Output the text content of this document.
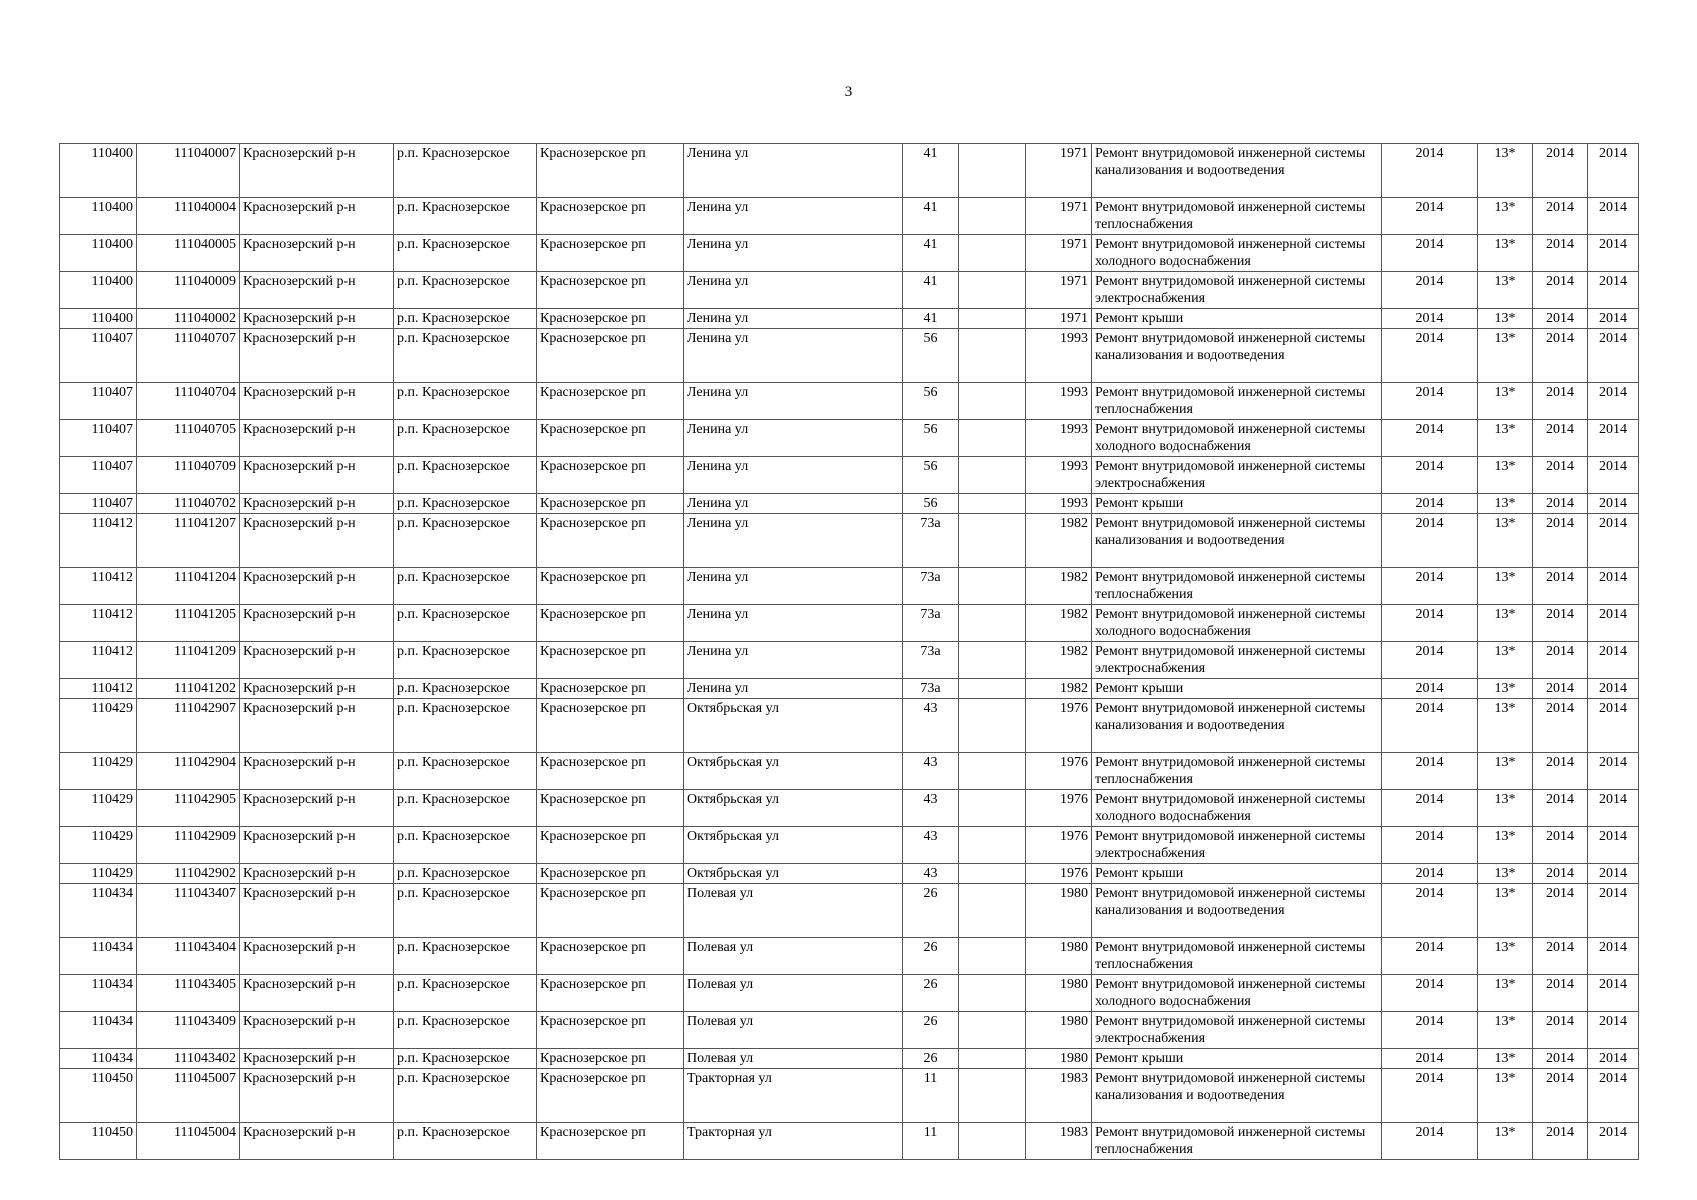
3
110400	111040007	Краснозерский р-н	р.п. Краснозерское	Краснозерское рп	Ленина ул	41		1971	Ремонт внутридомовой инженерной системы канализования и водоотведения	2014	13*	2014	2014
110400	111040004	Краснозерский р-н	р.п. Краснозерское	Краснозерское рп	Ленина ул	41		1971	Ремонт внутридомовой инженерной системы теплоснабжения	2014	13*	2014	2014
110400	111040005	Краснозерский р-н	р.п. Краснозерское	Краснозерское рп	Ленина ул	41		1971	Ремонт внутридомовой инженерной системы холодного водоснабжения	2014	13*	2014	2014
110400	111040009	Краснозерский р-н	р.п. Краснозерское	Краснозерское рп	Ленина ул	41		1971	Ремонт внутридомовой инженерной системы электроснабжения	2014	13*	2014	2014
110400	111040002	Краснозерский р-н	р.п. Краснозерское	Краснозерское рп	Ленина ул	41		1971	Ремонт крыши	2014	13*	2014	2014
110407	111040707	Краснозерский р-н	р.п. Краснозерское	Краснозерское рп	Ленина ул	56		1993	Ремонт внутридомовой инженерной системы канализования и водоотведения	2014	13*	2014	2014
110407	111040704	Краснозерский р-н	р.п. Краснозерское	Краснозерское рп	Ленина ул	56		1993	Ремонт внутридомовой инженерной системы теплоснабжения	2014	13*	2014	2014
110407	111040705	Краснозерский р-н	р.п. Краснозерское	Краснозерское рп	Ленина ул	56		1993	Ремонт внутридомовой инженерной системы холодного водоснабжения	2014	13*	2014	2014
110407	111040709	Краснозерский р-н	р.п. Краснозерское	Краснозерское рп	Ленина ул	56		1993	Ремонт внутридомовой инженерной системы электроснабжения	2014	13*	2014	2014
110407	111040702	Краснозерский р-н	р.п. Краснозерское	Краснозерское рп	Ленина ул	56		1993	Ремонт крыши	2014	13*	2014	2014
110412	111041207	Краснозерский р-н	р.п. Краснозерское	Краснозерское рп	Ленина ул	73а		1982	Ремонт внутридомовой инженерной системы канализования и водоотведения	2014	13*	2014	2014
110412	111041204	Краснозерский р-н	р.п. Краснозерское	Краснозерское рп	Ленина ул	73а		1982	Ремонт внутридомовой инженерной системы теплоснабжения	2014	13*	2014	2014
110412	111041205	Краснозерский р-н	р.п. Краснозерское	Краснозерское рп	Ленина ул	73а		1982	Ремонт внутридомовой инженерной системы холодного водоснабжения	2014	13*	2014	2014
110412	111041209	Краснозерский р-н	р.п. Краснозерское	Краснозерское рп	Ленина ул	73а		1982	Ремонт внутридомовой инженерной системы электроснабжения	2014	13*	2014	2014
110412	111041202	Краснозерский р-н	р.п. Краснозерское	Краснозерское рп	Ленина ул	73а		1982	Ремонт крыши	2014	13*	2014	2014
110429	111042907	Краснозерский р-н	р.п. Краснозерское	Краснозерское рп	Октябрьская ул	43		1976	Ремонт внутридомовой инженерной системы канализования и водоотведения	2014	13*	2014	2014
110429	111042904	Краснозерский р-н	р.п. Краснозерское	Краснозерское рп	Октябрьская ул	43		1976	Ремонт внутридомовой инженерной системы теплоснабжения	2014	13*	2014	2014
110429	111042905	Краснозерский р-н	р.п. Краснозерское	Краснозерское рп	Октябрьская ул	43		1976	Ремонт внутридомовой инженерной системы холодного водоснабжения	2014	13*	2014	2014
110429	111042909	Краснозерский р-н	р.п. Краснозерское	Краснозерское рп	Октябрьская ул	43		1976	Ремонт внутридомовой инженерной системы электроснабжения	2014	13*	2014	2014
110429	111042902	Краснозерский р-н	р.п. Краснозерское	Краснозерское рп	Октябрьская ул	43		1976	Ремонт крыши	2014	13*	2014	2014
110434	111043407	Краснозерский р-н	р.п. Краснозерское	Краснозерское рп	Полевая ул	26		1980	Ремонт внутридомовой инженерной системы канализования и водоотведения	2014	13*	2014	2014
110434	111043404	Краснозерский р-н	р.п. Краснозерское	Краснозерское рп	Полевая ул	26		1980	Ремонт внутридомовой инженерной системы теплоснабжения	2014	13*	2014	2014
110434	111043405	Краснозерский р-н	р.п. Краснозерское	Краснозерское рп	Полевая ул	26		1980	Ремонт внутридомовой инженерной системы холодного водоснабжения	2014	13*	2014	2014
110434	111043409	Краснозерский р-н	р.п. Краснозерское	Краснозерское рп	Полевая ул	26		1980	Ремонт внутридомовой инженерной системы электроснабжения	2014	13*	2014	2014
110434	111043402	Краснозерский р-н	р.п. Краснозерское	Краснозерское рп	Полевая ул	26		1980	Ремонт крыши	2014	13*	2014	2014
110450	111045007	Краснозерский р-н	р.п. Краснозерское	Краснозерское рп	Тракторная ул	11		1983	Ремонт внутридомовой инженерной системы канализования и водоотведения	2014	13*	2014	2014
110450	111045004	Краснозерский р-н	р.п. Краснозерское	Краснозерское рп	Тракторная ул	11		1983	Ремонт внутридомовой инженерной системы теплоснабжения	2014	13*	2014	2014
